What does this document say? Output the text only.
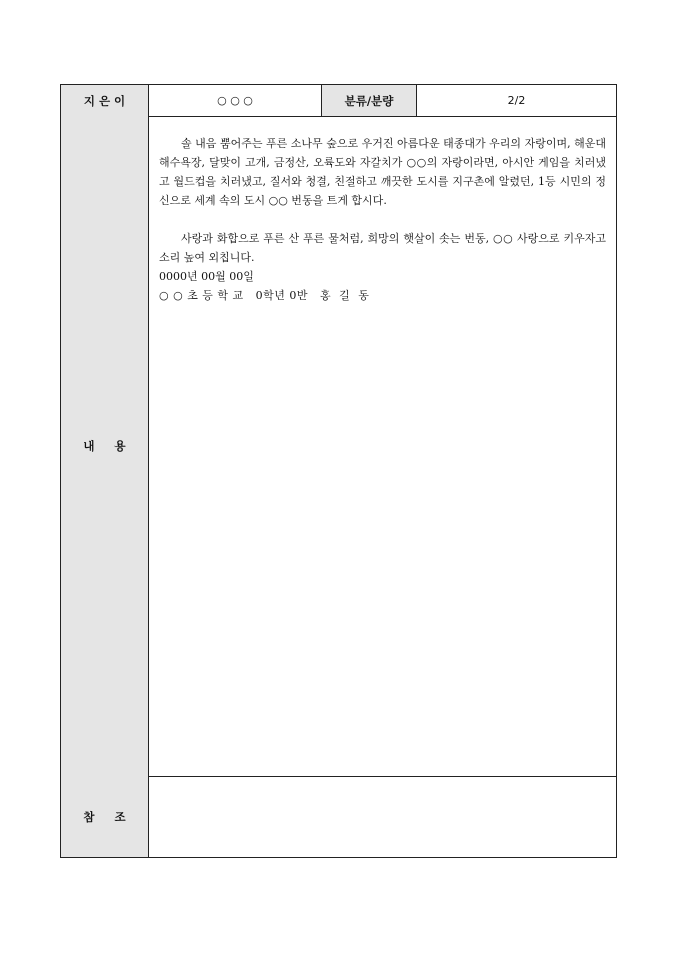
지 은 이	○ ○ ○	분류/분량	2/2
내     용

솔 내음 뿜어주는 푸른 소나무 숲으로 우거진 아름다운 태종대가 우리의 자랑이며, 해운대 해수욕장, 달맞이 고개, 금정산, 오륙도와 자갈치가 ○○의 자랑이라면, 아시안 게임을 치러냈고 월드컵을 치러냈고, 질서와 청결, 친절하고 깨끗한 도시를 지구촌에 알렸던, 1등 시민의 정신으로 세계 속의 도시 ○○ 번동을 트게 합시다.

사랑과 화합으로 푸른 산 푸른 물처럼, 희망의 햇살이 솟는 번동, ○○ 사랑으로 키우자고 소리 높여 외칩니다.

0000년 00월 00일

○ ○ 초 등 학 교   0학년 0반   홍  길  동

참     조
